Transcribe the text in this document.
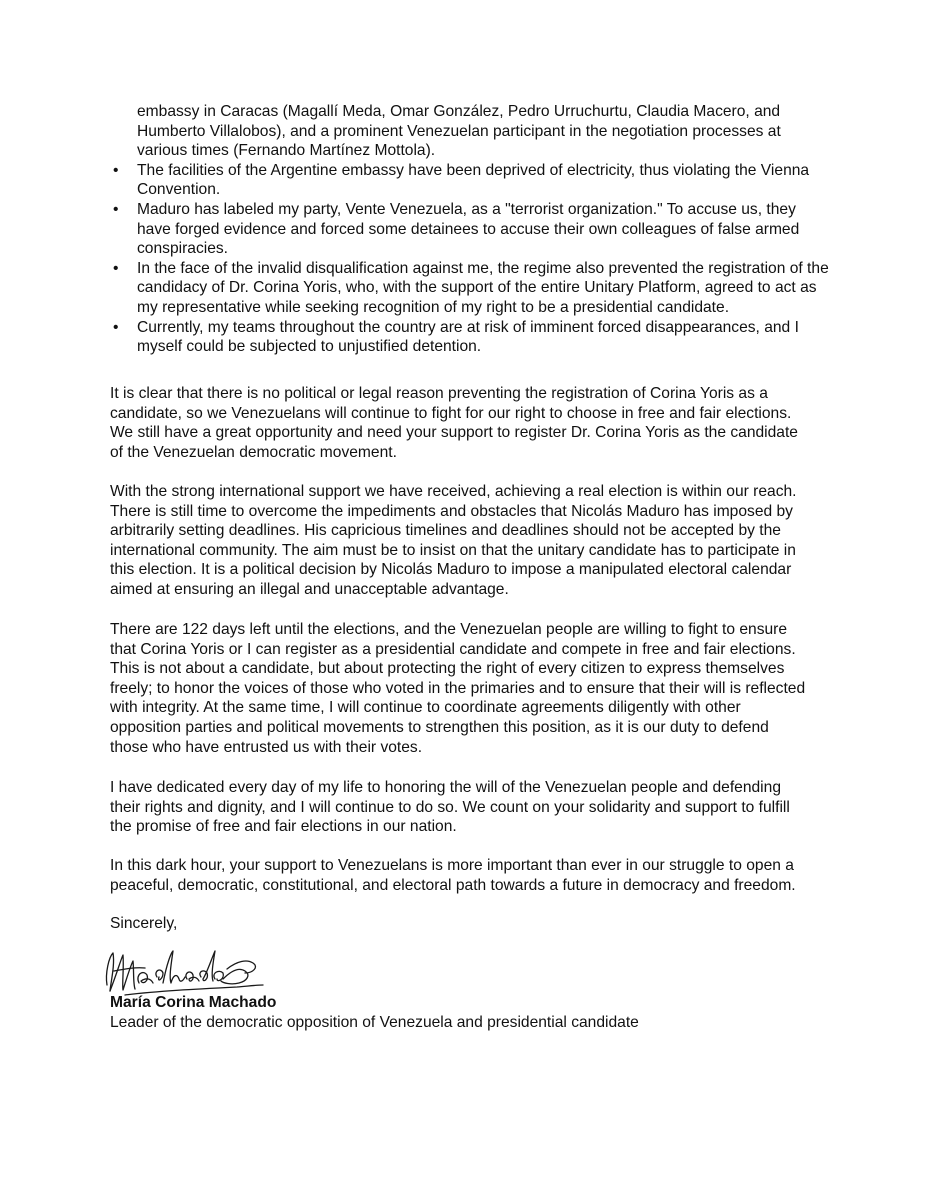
embassy in Caracas (Magallí Meda, Omar González, Pedro Urruchurtu, Claudia Macero, and Humberto Villalobos), and a prominent Venezuelan participant in the negotiation processes at various times (Fernando Martínez Mottola).
• The facilities of the Argentine embassy have been deprived of electricity, thus violating the Vienna Convention.
• Maduro has labeled my party, Vente Venezuela, as a "terrorist organization." To accuse us, they have forged evidence and forced some detainees to accuse their own colleagues of false armed conspiracies.
• In the face of the invalid disqualification against me, the regime also prevented the registration of the candidacy of Dr. Corina Yoris, who, with the support of the entire Unitary Platform, agreed to act as my representative while seeking recognition of my right to be a presidential candidate.
• Currently, my teams throughout the country are at risk of imminent forced disappearances, and I myself could be subjected to unjustified detention.

It is clear that there is no political or legal reason preventing the registration of Corina Yoris as a candidate, so we Venezuelans will continue to fight for our right to choose in free and fair elections. We still have a great opportunity and need your support to register Dr. Corina Yoris as the candidate of the Venezuelan democratic movement.

With the strong international support we have received, achieving a real election is within our reach. There is still time to overcome the impediments and obstacles that Nicolás Maduro has imposed by arbitrarily setting deadlines. His capricious timelines and deadlines should not be accepted by the international community. The aim must be to insist on that the unitary candidate has to participate in this election. It is a political decision by Nicolás Maduro to impose a manipulated electoral calendar aimed at ensuring an illegal and unacceptable advantage.

There are 122 days left until the elections, and the Venezuelan people are willing to fight to ensure that Corina Yoris or I can register as a presidential candidate and compete in free and fair elections. This is not about a candidate, but about protecting the right of every citizen to express themselves freely; to honor the voices of those who voted in the primaries and to ensure that their will is reflected with integrity. At the same time, I will continue to coordinate agreements diligently with other opposition parties and political movements to strengthen this position, as it is our duty to defend those who have entrusted us with their votes.

I have dedicated every day of my life to honoring the will of the Venezuelan people and defending their rights and dignity, and I will continue to do so. We count on your solidarity and support to fulfill the promise of free and fair elections in our nation.

In this dark hour, your support to Venezuelans is more important than ever in our struggle to open a peaceful, democratic, constitutional, and electoral path towards a future in democracy and freedom.

Sincerely,

María Corina Machado
Leader of the democratic opposition of Venezuela and presidential candidate
